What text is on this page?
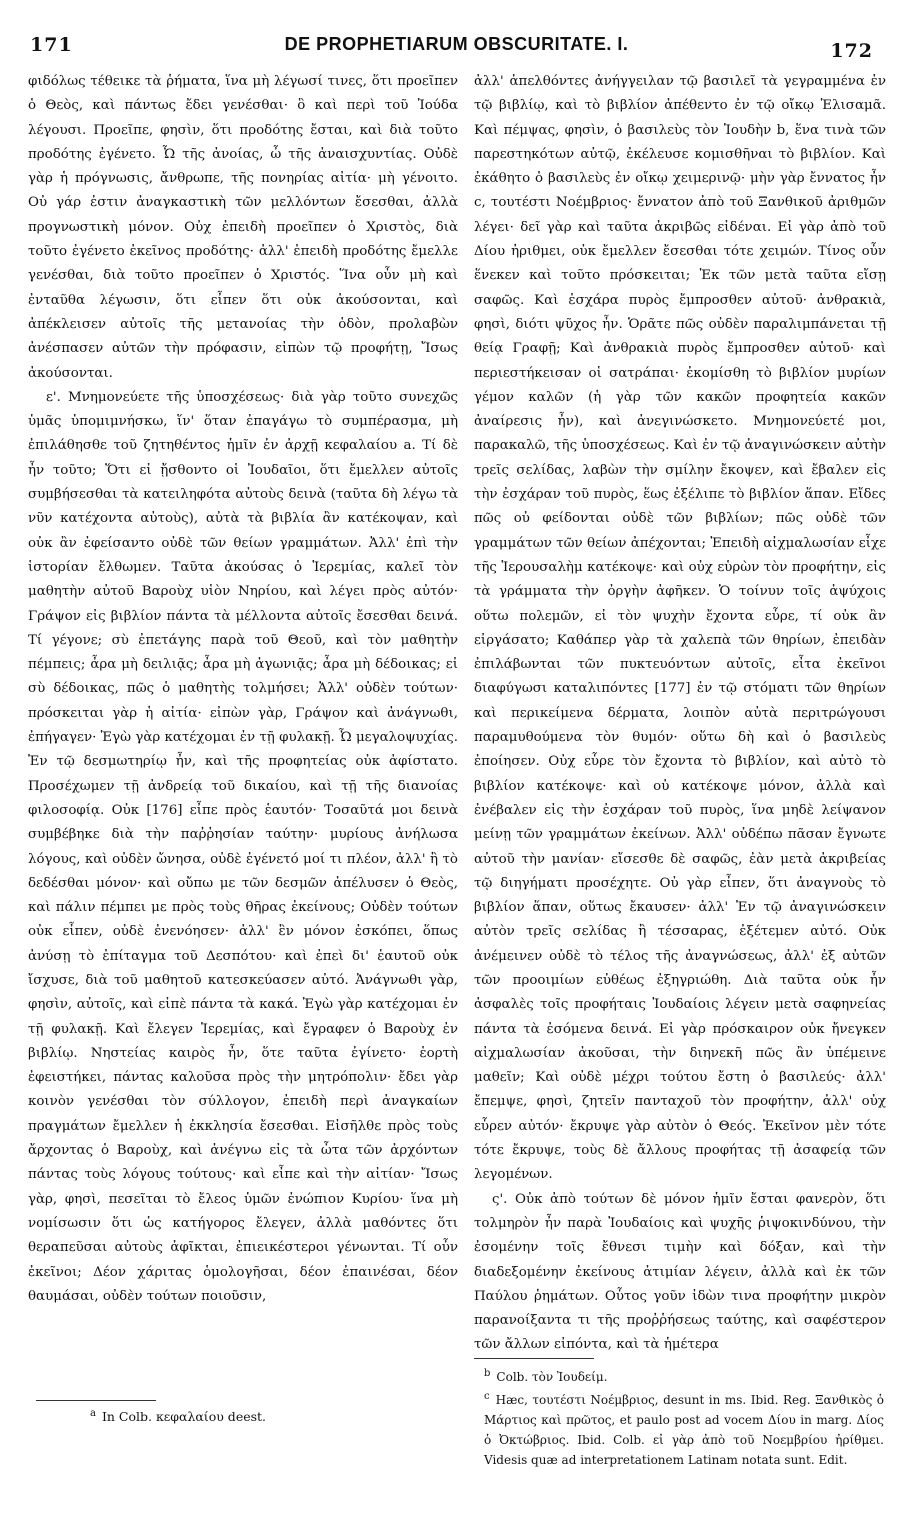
171	DE PROPHETIARUM OBSCURITATE. I.	172

φιδόλως τέθεικε τὰ ῥήματα, ἵνα μὴ λέγωσί τινες, ὅτι προεῖπεν ὁ Θεὸς, καὶ πάντως ἔδει γενέσθαι· ὃ καὶ περὶ τοῦ Ἰούδα λέγουσι. Προεῖπε, φησὶν, ὅτι προδότης ἔσται, καὶ διὰ τοῦτο προδότης ἐγένετο. Ὦ τῆς ἀνοίας, ὦ τῆς ἀναισχυντίας. Οὐδὲ γὰρ ἡ πρόγνωσις, ἄνθρωπε, τῆς πονηρίας αἰτία· μὴ γένοιτο. Οὐ γάρ ἐστιν ἀναγκαστικὴ τῶν μελλόντων ἔσεσθαι, ἀλλὰ προγνωστικὴ μόνον. Οὐχ ἐπειδὴ προεῖπεν ὁ Χριστὸς, διὰ τοῦτο ἐγένετο ἐκεῖνος προδότης· ἀλλ' ἐπειδὴ προδότης ἔμελλε γενέσθαι, διὰ τοῦτο προεῖπεν ὁ Χριστός. Ἵνα οὖν μὴ καὶ ἐνταῦθα λέγωσιν, ὅτι εἶπεν ὅτι οὐκ ἀκούσονται, καὶ ἀπέκλεισεν αὐτοῖς τῆς μετανοίας τὴν ὁδὸν, προλαβὼν ἀνέσπασεν αὐτῶν τὴν πρόφασιν, εἰπὼν τῷ προφήτῃ, Ἴσως ἀκούσονται.

ε'. Μνημονεύετε τῆς ὑποσχέσεως· διὰ γὰρ τοῦτο συνεχῶς ὑμᾶς ὑπομιμνήσκω, ἵν' ὅταν ἐπαγάγω τὸ συμπέρασμα, μὴ ἐπιλάθησθε τοῦ ζητηθέντος ἡμῖν ἐν ἀρχῇ κεφαλαίου a. Τί δὲ ἦν τοῦτο; Ὅτι εἰ ᾔσθοντο οἱ Ἰουδαῖοι, ὅτι ἔμελλεν αὐτοῖς συμβήσεσθαι τὰ κατειληφότα αὐτοὺς δεινὰ (ταῦτα δὴ λέγω τὰ νῦν κατέχοντα αὐτοὺς), αὐτὰ τὰ βιβλία ἂν κατέκοψαν, καὶ οὐκ ἂν ἐφείσαντο οὐδὲ τῶν θείων γραμμάτων. Ἀλλ' ἐπὶ τὴν ἱστορίαν ἔλθωμεν. Ταῦτα ἀκούσας ὁ Ἱερεμίας, καλεῖ τὸν μαθητὴν αὐτοῦ Βαροὺχ υἱὸν Νηρίου, καὶ λέγει πρὸς αὐτόν· Γράψον εἰς βιβλίον πάντα τὰ μέλλοντα αὐτοῖς ἔσεσθαι δεινά. Τί γέγονε; σὺ ἐπετάγης παρὰ τοῦ Θεοῦ, καὶ τὸν μαθητὴν πέμπεις; ἆρα μὴ δειλιᾷς; ἆρα μὴ ἀγωνιᾷς; ἆρα μὴ δέδοικας; εἰ σὺ δέδοικας, πῶς ὁ μαθητὴς τολμήσει; Ἀλλ' οὐδὲν τούτων· πρόσκειται γὰρ ἡ αἰτία· εἰπὼν γὰρ, Γράψον καὶ ἀνάγνωθι, ἐπήγαγεν· Ἐγὼ γὰρ κατέχομαι ἐν τῇ φυλακῇ. Ὦ μεγαλοψυχίας. Ἐν τῷ δεσμωτηρίῳ ἦν, καὶ τῆς προφητείας οὐκ ἀφίστατο. Προσέχωμεν τῇ ἀνδρείᾳ τοῦ δικαίου, καὶ τῇ τῆς διανοίας φιλοσοφίᾳ. Οὐκ [176] εἶπε πρὸς ἑαυτόν· Τοσαῦτά μοι δεινὰ συμβέβηκε διὰ τὴν παῤῥησίαν ταύτην· μυρίους ἀνήλωσα λόγους, καὶ οὐδὲν ὤνησα, οὐδὲ ἐγένετό μοί τι πλέον, ἀλλ' ἢ τὸ δεδέσθαι μόνον· καὶ οὔπω με τῶν δεσμῶν ἀπέλυσεν ὁ Θεὸς, καὶ πάλιν πέμπει με πρὸς τοὺς θῆρας ἐκείνους; Οὐδὲν τούτων οὐκ εἶπεν, οὐδὲ ἐνενόησεν· ἀλλ' ἓν μόνον ἐσκόπει, ὅπως ἀνύσῃ τὸ ἐπίταγμα τοῦ Δεσπότου· καὶ ἐπεὶ δι' ἑαυτοῦ οὐκ ἴσχυσε, διὰ τοῦ μαθητοῦ κατεσκεύασεν αὐτό. Ἀνάγνωθι γὰρ, φησὶν, αὐτοῖς, καὶ εἰπὲ πάντα τὰ κακά. Ἐγὼ γὰρ κατέχομαι ἐν τῇ φυλακῇ. Καὶ ἔλεγεν Ἱερεμίας, καὶ ἔγραφεν ὁ Βαροὺχ ἐν βιβλίῳ. Νηστείας καιρὸς ἦν, ὅτε ταῦτα ἐγίνετο· ἑορτὴ ἐφειστήκει, πάντας καλοῦσα πρὸς τὴν μητρόπολιν· ἔδει γὰρ κοινὸν γενέσθαι τὸν σύλλογον, ἐπειδὴ περὶ ἀναγκαίων πραγμάτων ἔμελλεν ἡ ἐκκλησία ἔσεσθαι. Εἰσῆλθε πρὸς τοὺς ἄρχοντας ὁ Βαροὺχ, καὶ ἀνέγνω εἰς τὰ ὦτα τῶν ἀρχόντων πάντας τοὺς λόγους τούτους· καὶ εἶπε καὶ τὴν αἰτίαν· Ἴσως γὰρ, φησὶ, πεσεῖται τὸ ἔλεος ὑμῶν ἐνώπιον Κυρίου· ἵνα μὴ νομίσωσιν ὅτι ὡς κατήγορος ἔλεγεν, ἀλλὰ μαθόντες ὅτι θεραπεῦσαι αὐτοὺς ἀφῖκται, ἐπιεικέστεροι γένωνται. Τί οὖν ἐκεῖνοι; Δέον χάριτας ὁμολογῆσαι, δέον ἐπαινέσαι, δέον θαυμάσαι, οὐδὲν τούτων ποιοῦσιν,

ἀλλ' ἀπελθόντες ἀνήγγειλαν τῷ βασιλεῖ τὰ γεγραμμένα ἐν τῷ βιβλίῳ, καὶ τὸ βιβλίον ἀπέθεντο ἐν τῷ οἴκῳ Ἐλισαμᾶ. Καὶ πέμψας, φησὶν, ὁ βασιλεὺς τὸν Ἰουδὴν b, ἕνα τινὰ τῶν παρεστηκότων αὐτῷ, ἐκέλευσε κομισθῆναι τὸ βιβλίον. Καὶ ἐκάθητο ὁ βασιλεὺς ἐν οἴκῳ χειμερινῷ· μὴν γὰρ ἔννατος ἦν c, τουτέστι Νοέμβριος· ἔννατον ἀπὸ τοῦ Ξανθικοῦ ἀριθμῶν λέγει· δεῖ γὰρ καὶ ταῦτα ἀκριβῶς εἰδέναι. Εἰ γὰρ ἀπὸ τοῦ Δίου ἠριθμει, οὐκ ἔμελλεν ἔσεσθαι τότε χειμών. Τίνος οὖν ἕνεκεν καὶ τοῦτο πρόσκειται; Ἐκ τῶν μετὰ ταῦτα εἴσῃ σαφῶς. Καὶ ἐσχάρα πυρὸς ἔμπροσθεν αὐτοῦ· ἀνθρακιὰ, φησὶ, διότι ψῦχος ἦν. Ὁρᾶτε πῶς οὐδὲν παραλιμπάνεται τῇ θείᾳ Γραφῇ; Καὶ ἀνθρακιὰ πυρὸς ἔμπροσθεν αὐτοῦ· καὶ περιεστήκεισαν οἱ σατράπαι· ἐκομίσθη τὸ βιβλίον μυρίων γέμον καλῶν (ἡ γὰρ τῶν κακῶν προφητεία κακῶν ἀναίρεσις ἦν), καὶ ἀνεγινώσκετο. Μνημονεύετέ μοι, παρακαλῶ, τῆς ὑποσχέσεως. Καὶ ἐν τῷ ἀναγινώσκειν αὐτὴν τρεῖς σελίδας, λαβὼν τὴν σμίλην ἔκοψεν, καὶ ἔβαλεν εἰς τὴν ἐσχάραν τοῦ πυρὸς, ἕως ἐξέλιπε τὸ βιβλίον ἅπαν. Εἴδες πῶς οὐ φείδονται οὐδὲ τῶν βιβλίων; πῶς οὐδὲ τῶν γραμμάτων τῶν θείων ἀπέχονται; Ἐπειδὴ αἰχμαλωσίαν εἶχε τῆς Ἱερουσαλὴμ κατέκοψε· καὶ οὐχ εὑρὼν τὸν προφήτην, εἰς τὰ γράμματα τὴν ὀργὴν ἀφῆκεν. Ὁ τοίνυν τοῖς ἀψύχοις οὕτω πολεμῶν, εἰ τὸν ψυχὴν ἔχοντα εὗρε, τί οὐκ ἂν εἰργάσατο; Καθάπερ γὰρ τὰ χαλεπὰ τῶν θηρίων, ἐπειδὰν ἐπιλάβωνται τῶν πυκτευόντων αὐτοῖς, εἶτα ἐκεῖνοι διαφύγωσι καταλιπόντες [177] ἐν τῷ στόματι τῶν θηρίων καὶ περικείμενα δέρματα, λοιπὸν αὐτὰ περιτρώγουσι παραμυθούμενα τὸν θυμόν· οὕτω δὴ καὶ ὁ βασιλεὺς ἐποίησεν. Οὐχ εὗρε τὸν ἔχοντα τὸ βιβλίον, καὶ αὐτὸ τὸ βιβλίον κατέκοψε· καὶ οὐ κατέκοψε μόνον, ἀλλὰ καὶ ἐνέβαλεν εἰς τὴν ἐσχάραν τοῦ πυρὸς, ἵνα μηδὲ λείψανον μείνῃ τῶν γραμμάτων ἐκείνων. Ἀλλ' οὐδέπω πᾶσαν ἔγνωτε αὐτοῦ τὴν μανίαν· εἴσεσθε δὲ σαφῶς, ἐὰν μετὰ ἀκριβείας τῷ διηγήματι προσέχητε. Οὐ γὰρ εἶπεν, ὅτι ἀναγνοὺς τὸ βιβλίον ἅπαν, οὕτως ἔκαυσεν· ἀλλ' Ἐν τῷ ἀναγινώσκειν αὐτὸν τρεῖς σελίδας ἢ τέσσαρας, ἐξέτεμεν αὐτό. Οὐκ ἀνέμεινεν οὐδὲ τὸ τέλος τῆς ἀναγνώσεως, ἀλλ' ἐξ αὐτῶν τῶν προοιμίων εὐθέως ἐξηγριώθη. Διὰ ταῦτα οὐκ ἦν ἀσφαλὲς τοῖς προφήταις Ἰουδαίοις λέγειν μετὰ σαφηνείας πάντα τὰ ἐσόμενα δεινά. Εἰ γὰρ πρόσκαιρον οὐκ ἤνεγκεν αἰχμαλωσίαν ἀκοῦσαι, τὴν διηνεκῆ πῶς ἂν ὑπέμεινε μαθεῖν; Καὶ οὐδὲ μέχρι τούτου ἔστη ὁ βασιλεύς· ἀλλ' ἔπεμψε, φησὶ, ζητεῖν πανταχοῦ τὸν προφήτην, ἀλλ' οὐχ εὗρεν αὐτόν· ἔκρυψε γὰρ αὐτὸν ὁ Θεός. Ἐκεῖνον μὲν τότε τότε ἔκρυψε, τοὺς δὲ ἄλλους προφήτας τῇ ἀσαφείᾳ τῶν λεγομένων.

ς'. Οὐκ ἀπὸ τούτων δὲ μόνον ἡμῖν ἔσται φανερὸν, ὅτι τολμηρὸν ἦν παρὰ Ἰουδαίοις καὶ ψυχῆς ῥιψοκινδύνου, τὴν ἐσομένην τοῖς ἔθνεσι τιμὴν καὶ δόξαν, καὶ τὴν διαδεξομένην ἐκείνους ἀτιμίαν λέγειν, ἀλλὰ καὶ ἐκ τῶν Παύλου ῥημάτων. Οὗτος γοῦν ἰδὼν τινα προφήτην μικρὸν παρανοίξαντα τι τῆς προῤῥήσεως ταύτης, καὶ σαφέστερον τῶν ἄλλων εἰπόντα, καὶ τὰ ἡμέτερα

$^a$ In Colb. κεφαλαίου deest.

$^b$ Colb. τὸν Ἰουδείμ.

$^c$ Hæc, τουτέστι Νοέμβριος, desunt in ms. Ibid. Reg. Ξανθικὸς ὁ Μάρτιος καὶ πρῶτος, et paulo post ad vocem Δίου in marg. Δίος ὁ Ὀκτώβριος. Ibid. Colb. εἰ γὰρ ἀπὸ τοῦ Νοεμβρίου ἠρίθμει. Videsis quæ ad interpretationem Latinam notata sunt. Edit.
